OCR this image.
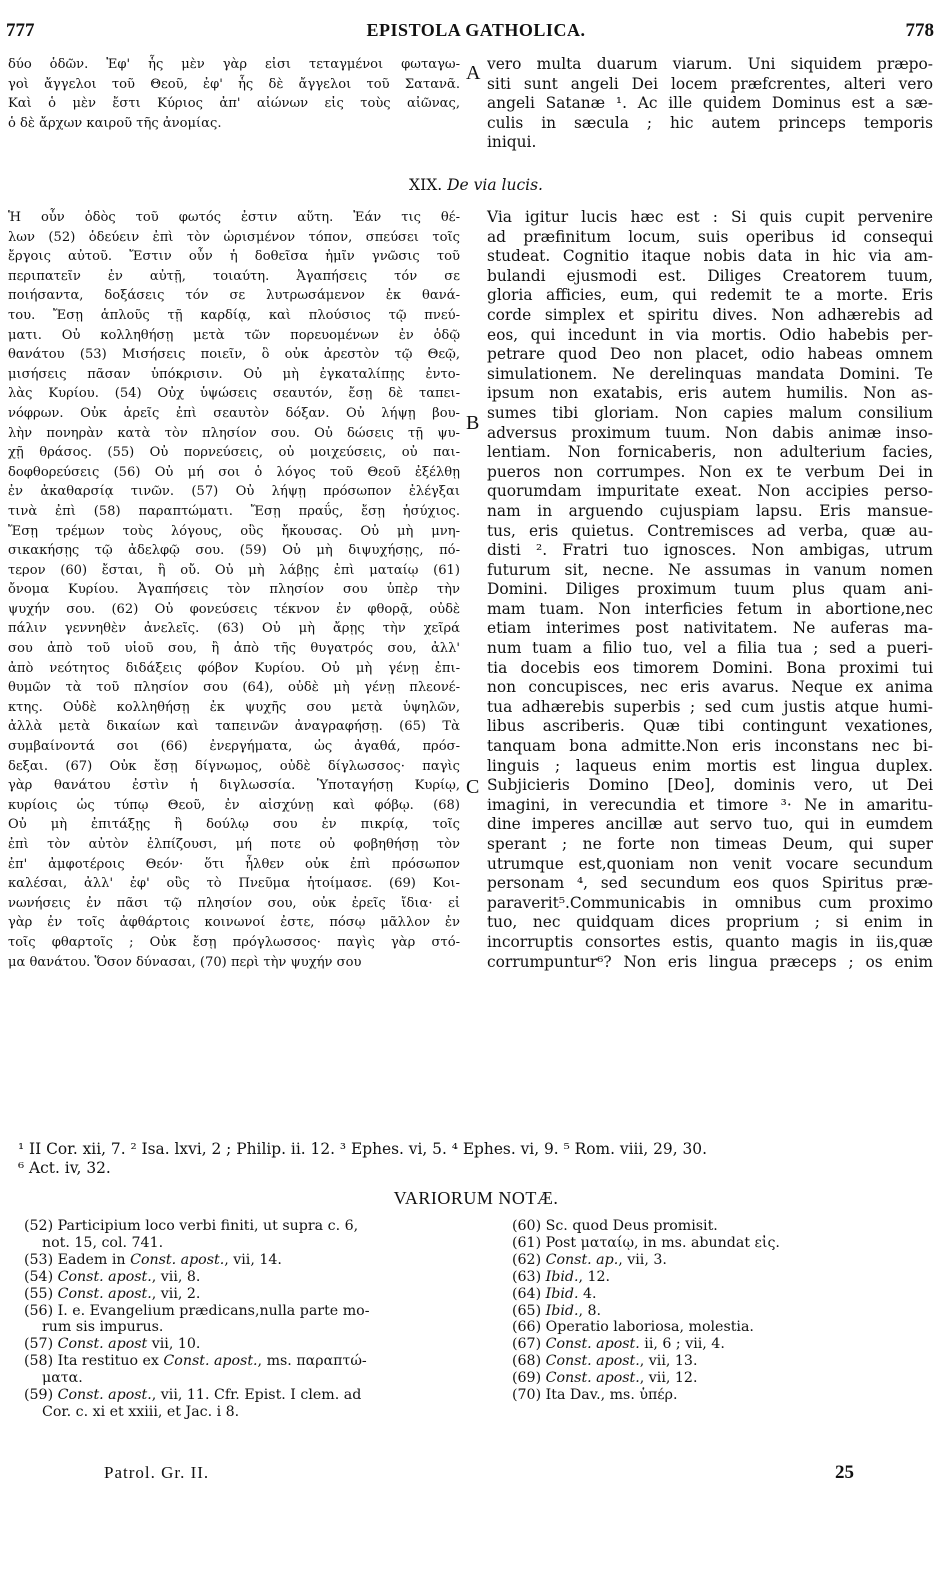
777	EPISTOLA GATHOLICA.	778
δύο ὁδῶν. Ἐφ' ἧς μὲν γὰρ εἰσι τεταγμένοι φωταγω-
γοὶ ἄγγελοι τοῦ Θεοῦ, ἐφ' ἧς δὲ ἄγγελοι τοῦ Σατανᾶ.
Καὶ ὁ μὲν ἔστι Κύριος ἀπ' αἰώνων εἰς τοὺς αἰῶνας,
ὁ δὲ ἄρχων καιροῦ τῆς ἀνομίας.
A vero multa duarum viarum. Uni siquidem præpo-
siti sunt angeli Dei locem præfcrentes, alteri vero
angeli Satanæ ¹. Ac ille quidem Dominus est a sæ-
culis in sæcula ; hic autem princeps temporis
iniqui.
XIX. De via lucis.
Ἡ οὖν ὁδὸς τοῦ φωτός ἐστιν αὕτη. Ἐάν τις θέ-
λων (52) ὁδεύειν ἐπὶ τὸν ὡρισμένον τόπον, σπεύσει τοῖς
ἔργοις αὐτοῦ. Ἔστιν οὖν ἡ δοθεῖσα ἡμῖν γνῶσις τοῦ
περιπατεῖν ἐν αὐτῇ, τοιαύτη. Ἀγαπήσεις τόν σε
ποιήσαντα, δοξάσεις τόν σε λυτρωσάμενον ἐκ θανά-
του. Ἔσῃ ἁπλοῦς τῇ καρδίᾳ, καὶ πλούσιος τῷ πνεύ-
ματι. Οὐ κολληθήσῃ μετὰ τῶν πορευομένων ἐν ὁδῷ
θανάτου (53) Μισήσεις ποιεῖν, ὃ οὐκ ἀρεστὸν τῷ Θεῷ,
μισήσεις πᾶσαν ὑπόκρισιν. Οὐ μὴ ἐγκαταλίπῃς ἐντο-
λὰς Κυρίου. (54) Οὐχ ὑψώσεις σεαυτόν, ἔσῃ δὲ ταπει-
νόφρων. Οὐκ ἀρεῖς ἐπὶ σεαυτὸν δόξαν. Οὐ λήψῃ βου-
λὴν πονηρὰν κατὰ τὸν πλησίον σου. Οὐ δώσεις τῇ ψυ-
χῇ θράσος. (55) Οὐ πορνεύσεις, οὐ μοιχεύσεις, οὐ παι-
δοφθορεύσεις (56) Οὐ μή σοι ὁ λόγος τοῦ Θεοῦ ἐξέλθῃ
ἐν ἀκαθαρσίᾳ τινῶν. (57) Οὐ λήψῃ πρόσωπον ἐλέγξαι
τινὰ ἐπὶ (58) παραπτώματι. Ἔσῃ πραΰς, ἔσῃ ἡσύχιος.
Ἔσῃ τρέμων τοὺς λόγους, οὓς ἤκουσας. Οὐ μὴ μνη-
σικακήσῃς τῷ ἀδελφῷ σου. (59) Οὐ μὴ διψυχήσῃς, πό-
τερον (60) ἔσται, ἢ οὔ. Οὐ μὴ λάβῃς ἐπὶ ματαίῳ (61)
ὄνομα Κυρίου. Ἀγαπήσεις τὸν πλησίον σου ὑπὲρ τὴν
ψυχήν σου. (62) Οὐ φονεύσεις τέκνον ἐν φθορᾷ, οὐδὲ
πάλιν γεννηθὲν ἀνελεῖς. (63) Οὐ μὴ ἄρῃς τὴν χεῖρά
σου ἀπὸ τοῦ υἱοῦ σου, ἢ ἀπὸ τῆς θυγατρός σου, ἀλλ'
ἀπὸ νεότητος διδάξεις φόβον Κυρίου. Οὐ μὴ γένῃ ἐπι-
θυμῶν τὰ τοῦ πλησίον σου (64), οὐδὲ μὴ γένῃ πλεονέ-
κτης. Οὐδὲ κολληθήσῃ ἐκ ψυχῆς σου μετὰ ὑψηλῶν,
ἀλλὰ μετὰ δικαίων καὶ ταπεινῶν ἀναγραφήσῃ. (65) Τὰ
συμβαίνοντά σοι (66) ἐνεργήματα, ὡς ἀγαθά, πρόσ-
δεξαι. (67) Οὐκ ἔσῃ δίγνωμος, οὐδὲ δίγλωσσος· παγὶς
γὰρ θανάτου ἐστὶν ἡ διγλωσσία. Ὑποταγήσῃ Κυρίῳ,
κυρίοις ὡς τύπῳ Θεοῦ, ἐν αἰσχύνῃ καὶ φόβῳ. (68)
Οὐ μὴ ἐπιτάξῃς ἢ δούλῳ σου ἐν πικρίᾳ, τοῖς
ἐπὶ τὸν αὐτὸν ἐλπίζουσι, μή ποτε οὐ φοβηθήσῃ τὸν
ἐπ' ἀμφοτέροις Θεόν· ὅτι ἦλθεν οὐκ ἐπὶ πρόσωπον
καλέσαι, ἀλλ' ἐφ' οὓς τὸ Πνεῦμα ἡτοίμασε. (69) Κοι-
νωνήσεις ἐν πᾶσι τῷ πλησίον σου, οὐκ ἐρεῖς ἴδια· εἰ
γὰρ ἐν τοῖς ἀφθάρτοις κοινωνοί ἐστε, πόσῳ μᾶλλον ἐν
τοῖς φθαρτοῖς ; Οὐκ ἔσῃ πρόγλωσσος· παγὶς γὰρ στό-
μα θανάτου. Ὅσον δύνασαι, (70) περὶ τὴν ψυχήν σου
B
C
Via igitur lucis hæc est : Si quis cupit pervenire
ad præfinitum locum, suis operibus id consequi
studeat. Cognitio itaque nobis data in hic via am-
bulandi ejusmodi est. Diliges Creatorem tuum,
gloria afficies, eum, qui redemit te a morte. Eris
corde simplex et spiritu dives. Non adhærebis ad
eos, qui incedunt in via mortis. Odio habebis per-
petrare quod Deo non placet, odio habeas omnem
simulationem. Ne derelinquas mandata Domini. Te
ipsum non exatabis, eris autem humilis. Non as-
sumes tibi gloriam. Non capies malum consilium
adversus proximum tuum. Non dabis animæ inso-
lentiam. Non fornicaberis, non adulterium facies,
pueros non corrumpes. Non ex te verbum Dei in
quorumdam impuritate exeat. Non accipies perso-
nam in arguendo cujuspiam lapsu. Eris mansue-
tus, eris quietus. Contremisces ad verba, quæ au-
disti ². Fratri tuo ignosces. Non ambigas, utrum
futurum sit, necne. Ne assumas in vanum nomen
Domini. Diliges proximum tuum plus quam ani-
mam tuam. Non interficies fetum in abortione,nec
etiam interimes post nativitatem. Ne auferas ma-
num tuam a filio tuo, vel a filia tua ; sed a pueri-
tia docebis eos timorem Domini. Bona proximi tui
non concupisces, nec eris avarus. Neque ex anima
tua adhærebis superbis ; sed cum justis atque humi-
libus ascriberis. Quæ tibi contingunt vexationes,
tanquam bona admitte.Non eris inconstans nec bi-
linguis ; laqueus enim mortis est lingua duplex.
Subjicieris Domino [Deo], dominis vero, ut Dei
imagini, in verecundia et timore ³· Ne in amaritu-
dine imperes ancillæ aut servo tuo, qui in eumdem
sperant ; ne forte non timeas Deum, qui super
utrumque est,quoniam non venit vocare secundum
personam ⁴, sed secundum eos quos Spiritus præ-
paraverit⁵.Communicabis in omnibus cum proximo
tuo, nec quidquam dices proprium ; si enim in
incorruptis consortes estis, quanto magis in iis,quæ
corrumpuntur⁶? Non eris lingua præceps ; os enim
¹ II Cor. xii, 7. ² Isa. lxvi, 2 ; Philip. ii. 12. ³ Ephes. vi, 5. ⁴ Ephes. vi, 9. ⁵ Rom. viii, 29, 30.
⁶ Act. iv, 32.
VARIORUM NOTÆ.
(52) Participium loco verbi finiti, ut supra c. 6,
not. 15, col. 741.
(53) Eadem in Const. apost., vii, 14.
(54) Const. apost., vii, 8.
(55) Const. apost., vii, 2.
(56) I. e. Evangelium prædicans,nulla parte mo-
rum sis impurus.
(57) Const. apost vii, 10.
(58) Ita restituo ex Const. apost., ms. παραπτώ-
ματα.
(59) Const. apost., vii, 11. Cfr. Epist. I clem. ad
Cor. c. xi et xxiii, et Jac. i 8.
(60) Sc. quod Deus promisit.
(61) Post ματαίῳ, in ms. abundat εἰς.
(62) Const. ap., vii, 3.
(63) Ibid., 12.
(64) Ibid. 4.
(65) Ibid., 8.
(66) Operatio laboriosa, molestia.
(67) Const. apost. ii, 6 ; vii, 4.
(68) Const. apost., vii, 13.
(69) Const. apost., vii, 12.
(70) Ita Dav., ms. ὑπέρ.
Patrol. Gr. II.	25
